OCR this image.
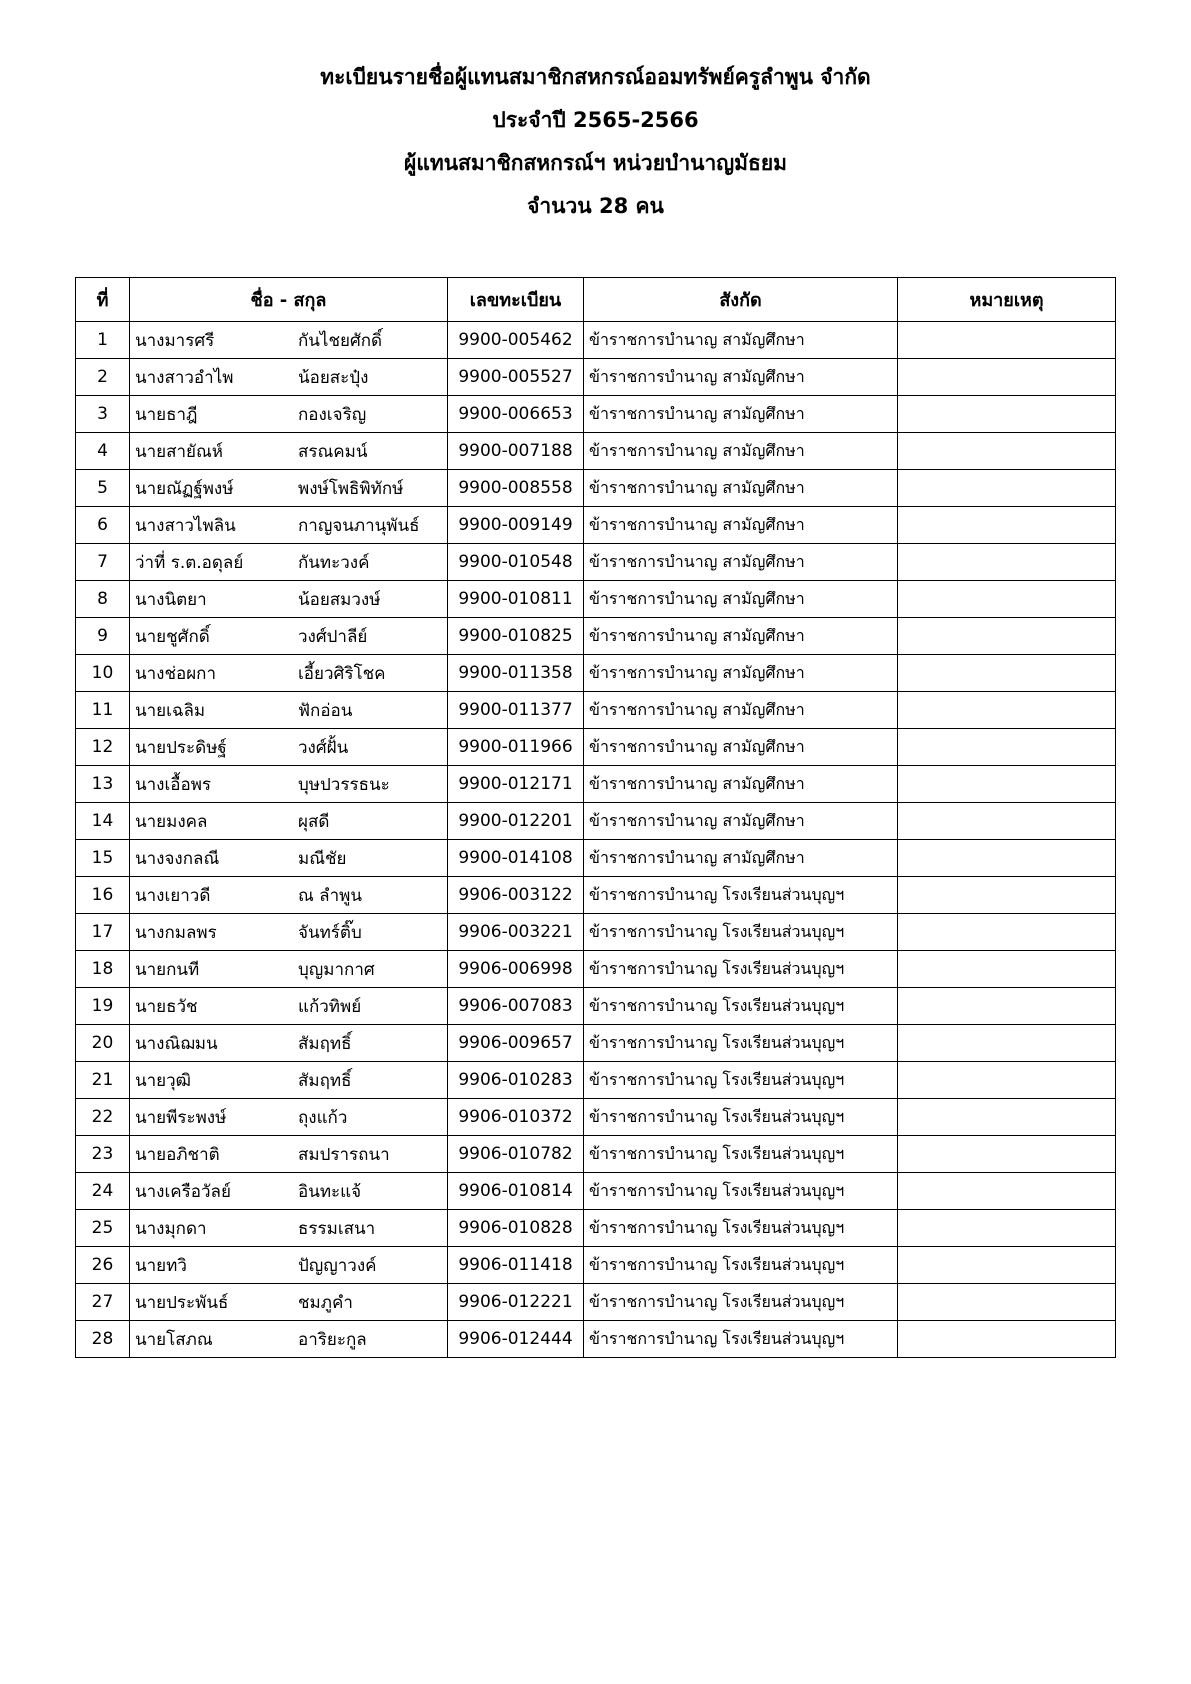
ทะเบียนรายชื่อผู้แทนสมาชิกสหกรณ์ออมทรัพย์ครูลำพูน จำกัด
ประจำปี 2565-2566
ผู้แทนสมาชิกสหกรณ์ฯ หน่วยบำนาญมัธยม
จำนวน 28 คน
ที่	ชื่อ - สกุล	เลขทะเบียน	สังกัด	หมายเหตุ
1	นางมารศรี กันไชยศักดิ์	9900-005462	ข้าราชการบำนาญ สามัญศึกษา	
2	นางสาวอำไพ น้อยสะปุ๋ง	9900-005527	ข้าราชการบำนาญ สามัญศึกษา	
3	นายธาฎี กองเจริญ	9900-006653	ข้าราชการบำนาญ สามัญศึกษา	
4	นายสายัณห์ สรณคมน์	9900-007188	ข้าราชการบำนาญ สามัญศึกษา	
5	นายณัฏฐ์พงษ์ พงษ์โพธิพิทักษ์	9900-008558	ข้าราชการบำนาญ สามัญศึกษา	
6	นางสาวไพลิน กาญจนภานุพันธ์	9900-009149	ข้าราชการบำนาญ สามัญศึกษา	
7	ว่าที่ ร.ต.อดุลย์ กันทะวงค์	9900-010548	ข้าราชการบำนาญ สามัญศึกษา	
8	นางนิตยา น้อยสมวงษ์	9900-010811	ข้าราชการบำนาญ สามัญศึกษา	
9	นายชูศักดิ์ วงศ์ปาลีย์	9900-010825	ข้าราชการบำนาญ สามัญศึกษา	
10	นางช่อผกา เอี้ยวศิริโชค	9900-011358	ข้าราชการบำนาญ สามัญศึกษา	
11	นายเฉลิม ฟักอ่อน	9900-011377	ข้าราชการบำนาญ สามัญศึกษา	
12	นายประดิษฐ์ วงศ์ฝั้น	9900-011966	ข้าราชการบำนาญ สามัญศึกษา	
13	นางเอื้อพร บุษปวรรธนะ	9900-012171	ข้าราชการบำนาญ สามัญศึกษา	
14	นายมงคล ผุสดี	9900-012201	ข้าราชการบำนาญ สามัญศึกษา	
15	นางจงกลณี มณีชัย	9900-014108	ข้าราชการบำนาญ สามัญศึกษา	
16	นางเยาวดี ณ ลำพูน	9906-003122	ข้าราชการบำนาญ โรงเรียนส่วนบุญฯ	
17	นางกมลพร จันทร์ติ๊บ	9906-003221	ข้าราชการบำนาญ โรงเรียนส่วนบุญฯ	
18	นายกนที บุญมากาศ	9906-006998	ข้าราชการบำนาญ โรงเรียนส่วนบุญฯ	
19	นายธวัช แก้วทิพย์	9906-007083	ข้าราชการบำนาญ โรงเรียนส่วนบุญฯ	
20	นางณิฌมน สัมฤทธิ์	9906-009657	ข้าราชการบำนาญ โรงเรียนส่วนบุญฯ	
21	นายวุฒิ สัมฤทธิ์	9906-010283	ข้าราชการบำนาญ โรงเรียนส่วนบุญฯ	
22	นายพีระพงษ์ ถุงแก้ว	9906-010372	ข้าราชการบำนาญ โรงเรียนส่วนบุญฯ	
23	นายอภิชาติ สมปรารถนา	9906-010782	ข้าราชการบำนาญ โรงเรียนส่วนบุญฯ	
24	นางเครือวัลย์ อินทะแจ้	9906-010814	ข้าราชการบำนาญ โรงเรียนส่วนบุญฯ	
25	นางมุกดา ธรรมเสนา	9906-010828	ข้าราชการบำนาญ โรงเรียนส่วนบุญฯ	
26	นายทวิ ปัญญาวงค์	9906-011418	ข้าราชการบำนาญ โรงเรียนส่วนบุญฯ	
27	นายประพันธ์ ชมภูคำ	9906-012221	ข้าราชการบำนาญ โรงเรียนส่วนบุญฯ	
28	นายโสภณ อาริยะกูล	9906-012444	ข้าราชการบำนาญ โรงเรียนส่วนบุญฯ	
